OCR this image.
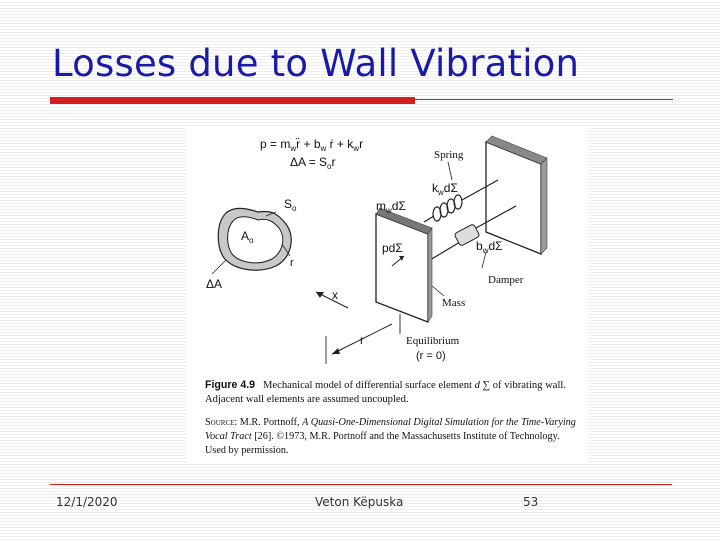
Losses due to Wall Vibration
$p = m_wr̈ + b_w$ ṙ + $k_wr$
$\Delta A = S_or$
$S_o$
$A_o$
r
ΔA
Spring
$k_wd\Sigma$
$b_wd\Sigma$
Damper
$m_wd\Sigma$
pdΣ
Mass
x
r	Equilibrium
(r = 0)
Figure 4.9 Mechanical model of differential surface element d ∑ of vibrating wall. Adjacent wall elements are assumed uncoupled.
Source: M.R. Portnoff, A Quasi-One-Dimensional Digital Simulation for the Time-Varying Vocal Tract [26]. ©1973, M.R. Portnoff and the Massachusetts Institute of Technology. Used by permission.
12/1/2020	Veton Këpuska	53
